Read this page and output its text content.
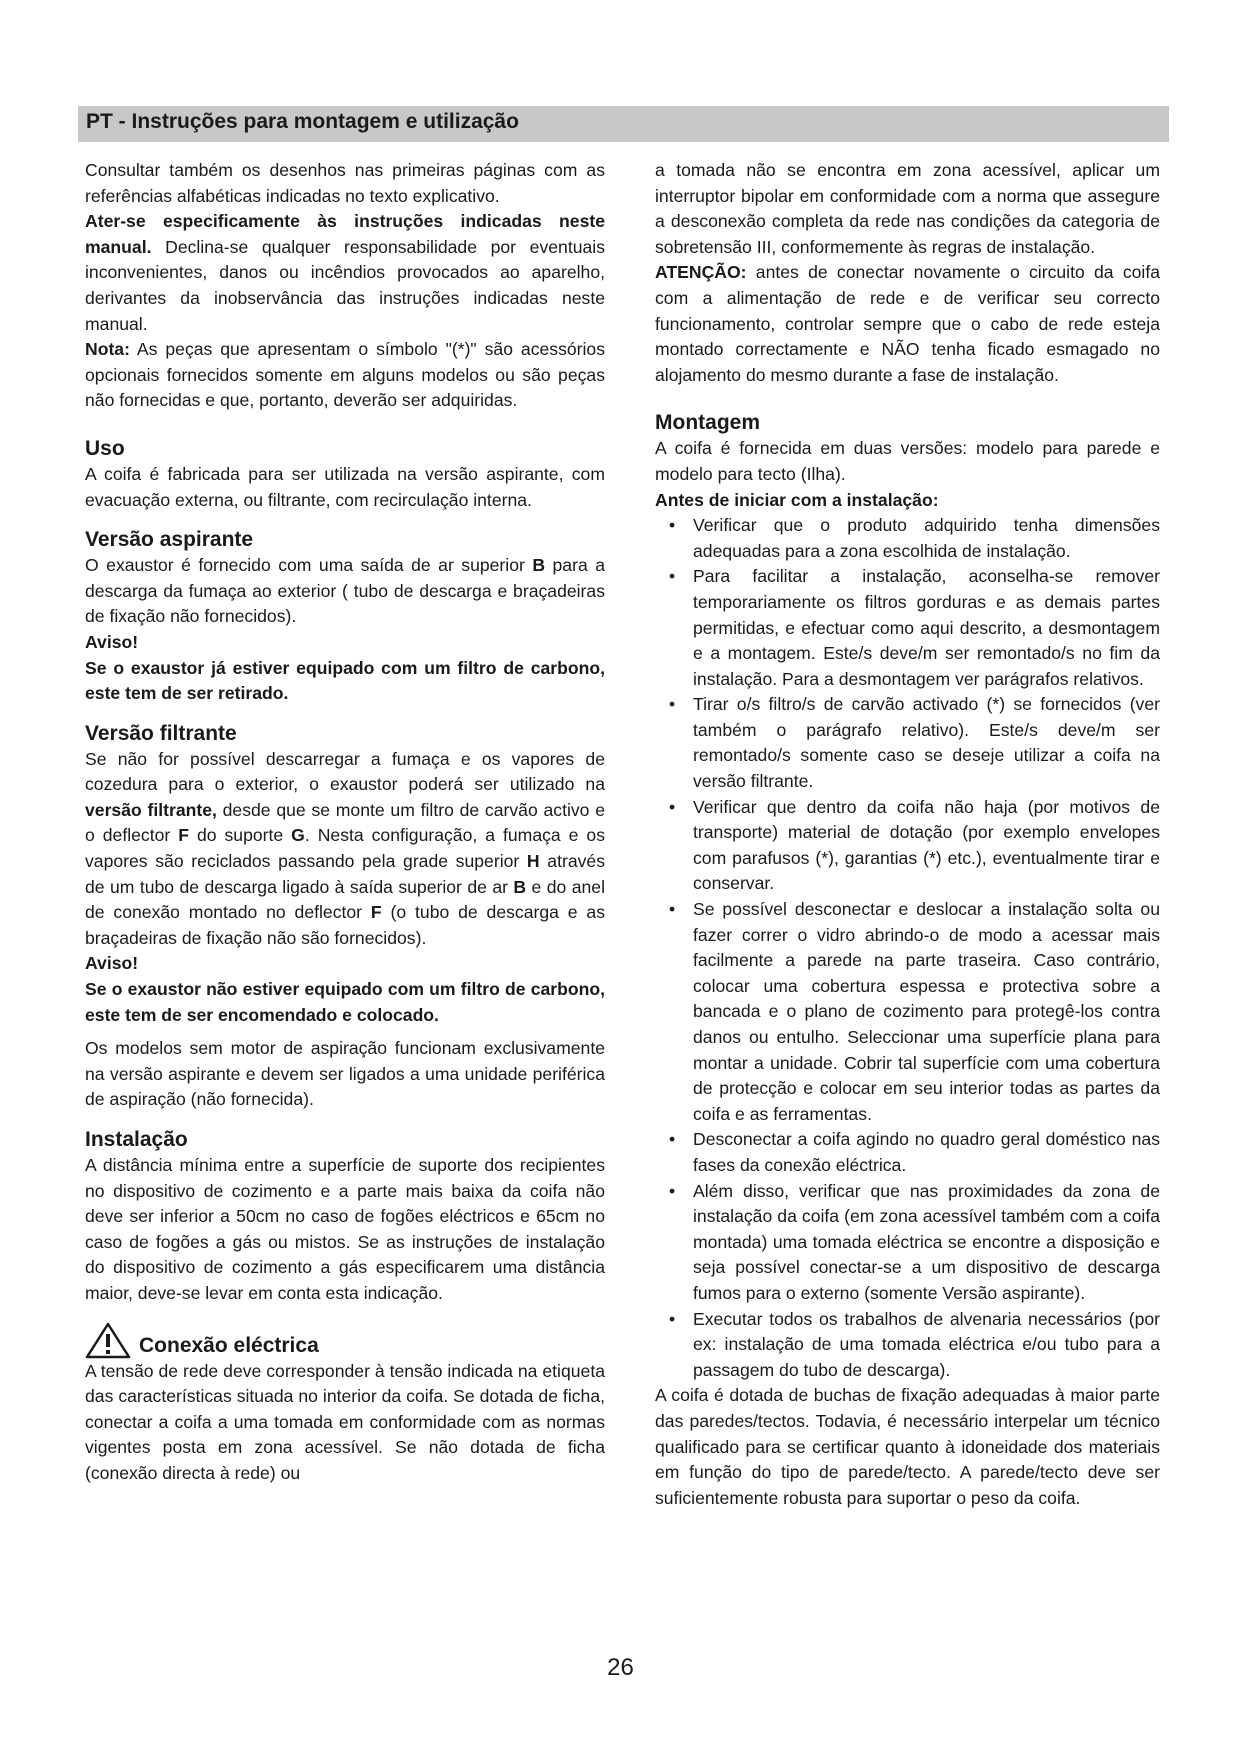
PT - Instruções para montagem e utilização

Consultar também os desenhos nas primeiras páginas com as referências alfabéticas indicadas no texto explicativo.
Ater-se especificamente às instruções indicadas neste manual. Declina-se qualquer responsabilidade por eventuais inconvenientes, danos ou incêndios provocados ao aparelho, derivantes da inobservância das instruções indicadas neste manual.

Nota: As peças que apresentam o símbolo "(*)" são acessórios opcionais fornecidos somente em alguns modelos ou são peças não fornecidas e que, portanto, deverão ser adquiridas.

Uso

A coifa é fabricada para ser utilizada na versão aspirante, com evacuação externa, ou filtrante, com recirculação interna.

Versão aspirante

O exaustor é fornecido com uma saída de ar superior B para a descarga da fumaça ao exterior ( tubo de descarga e braçadeiras de fixação não fornecidos).

Aviso!

Se o exaustor já estiver equipado com um filtro de carbono, este tem de ser retirado.

Versão filtrante

Se não for possível descarregar a fumaça e os vapores de cozedura para o exterior, o exaustor poderá ser utilizado na versão filtrante, desde que se monte um filtro de carvão activo e o deflector F do suporte G. Nesta configuração, a fumaça e os vapores são reciclados passando pela grade superior H através de um tubo de descarga ligado à saída superior de ar B e do anel de conexão montado no deflector F (o tubo de descarga e as braçadeiras de fixação não são fornecidos).

Aviso!

Se o exaustor não estiver equipado com um filtro de carbono, este tem de ser encomendado e colocado.

Os modelos sem motor de aspiração funcionam exclusivamente na versão aspirante e devem ser ligados a uma unidade periférica de aspiração (não fornecida).

Instalação

A distância mínima entre a superfície de suporte dos recipientes no dispositivo de cozimento e a parte mais baixa da coifa não deve ser inferior a 50cm no caso de fogões eléctricos e 65cm no caso de fogões a gás ou mistos. Se as instruções de instalação do dispositivo de cozimento a gás especificarem uma distância maior, deve-se levar em conta esta indicação.

Conexão eléctrica

A tensão de rede deve corresponder à tensão indicada na etiqueta das características situada no interior da coifa. Se dotada de ficha, conectar a coifa a uma tomada em conformidade com as normas vigentes posta em zona acessível. Se não dotada de ficha (conexão directa à rede) ou

a tomada não se encontra em zona acessível, aplicar um interruptor bipolar em conformidade com a norma que assegure a desconexão completa da rede nas condições da categoria de sobretensão III, conformemente às regras de instalação.

ATENÇÃO: antes de conectar novamente o circuito da coifa com a alimentação de rede e de verificar seu correcto funcionamento, controlar sempre que o cabo de rede esteja montado correctamente e NÃO tenha ficado esmagado no alojamento do mesmo durante a fase de instalação.

Montagem

A coifa é fornecida em duas versões: modelo para parede e modelo para tecto (Ilha).

Antes de iniciar com a instalação:

• Verificar que o produto adquirido tenha dimensões adequadas para a zona escolhida de instalação.
• Para facilitar a instalação, aconselha-se remover temporariamente os filtros gorduras e as demais partes permitidas, e efectuar como aqui descrito, a desmontagem e a montagem. Este/s deve/m ser remontado/s no fim da instalação. Para a desmontagem ver parágrafos relativos.
• Tirar o/s filtro/s de carvão activado (*) se fornecidos (ver também o parágrafo relativo). Este/s deve/m ser remontado/s somente caso se deseje utilizar a coifa na versão filtrante.
• Verificar que dentro da coifa não haja (por motivos de transporte) material de dotação (por exemplo envelopes com parafusos (*), garantias (*) etc.), eventualmente tirar e conservar.
• Se possível desconectar e deslocar a instalação solta ou fazer correr o vidro abrindo-o de modo a acessar mais facilmente a parede na parte traseira. Caso contrário, colocar uma cobertura espessa e protectiva sobre a bancada e o plano de cozimento para protegê-los contra danos ou entulho. Seleccionar uma superfície plana para montar a unidade. Cobrir tal superfície com uma cobertura de protecção e colocar em seu interior todas as partes da coifa e as ferramentas.
• Desconectar a coifa agindo no quadro geral doméstico nas fases da conexão eléctrica.
• Além disso, verificar que nas proximidades da zona de instalação da coifa (em zona acessível também com a coifa montada) uma tomada eléctrica se encontre a disposição e seja possível conectar-se a um dispositivo de descarga fumos para o externo (somente Versão aspirante).
• Executar todos os trabalhos de alvenaria necessários (por ex: instalação de uma tomada eléctrica e/ou tubo para a passagem do tubo de descarga).

A coifa é dotada de buchas de fixação adequadas à maior parte das paredes/tectos. Todavia, é necessário interpelar um técnico qualificado para se certificar quanto à idoneidade dos materiais em função do tipo de parede/tecto. A parede/tecto deve ser suficientemente robusta para suportar o peso da coifa.

26
